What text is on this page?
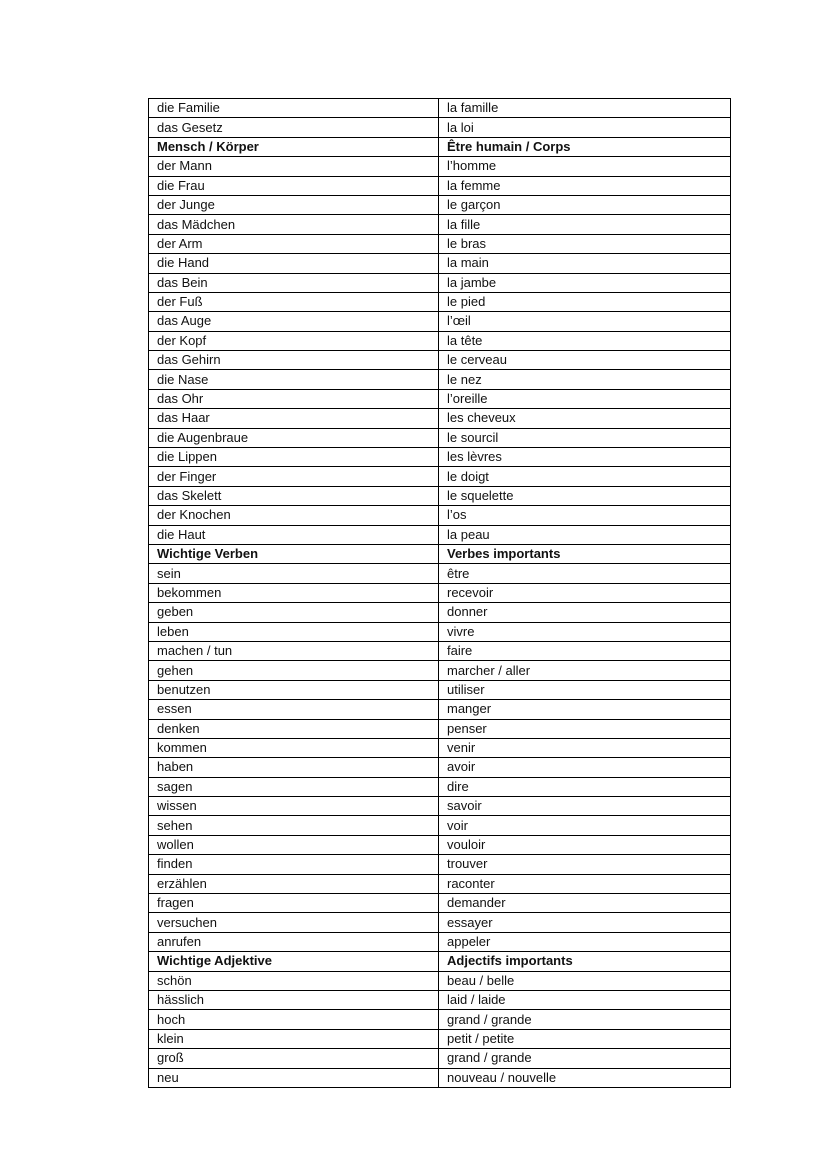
die Familie	la famille
das Gesetz	la loi
Mensch / Körper	Être humain / Corps
der Mann	l’homme
die Frau	la femme
der Junge	le garçon
das Mädchen	la fille
der Arm	le bras
die Hand	la main
das Bein	la jambe
der Fuß	le pied
das Auge	l’œil
der Kopf	la tête
das Gehirn	le cerveau
die Nase	le nez
das Ohr	l’oreille
das Haar	les cheveux
die Augenbraue	le sourcil
die Lippen	les lèvres
der Finger	le doigt
das Skelett	le squelette
der Knochen	l’os
die Haut	la peau
Wichtige Verben	Verbes importants
sein	être
bekommen	recevoir
geben	donner
leben	vivre
machen / tun	faire
gehen	marcher / aller
benutzen	utiliser
essen	manger
denken	penser
kommen	venir
haben	avoir
sagen	dire
wissen	savoir
sehen	voir
wollen	vouloir
finden	trouver
erzählen	raconter
fragen	demander
versuchen	essayer
anrufen	appeler
Wichtige Adjektive	Adjectifs importants
schön	beau / belle
hässlich	laid / laide
hoch	grand / grande
klein	petit / petite
groß	grand / grande
neu	nouveau / nouvelle
